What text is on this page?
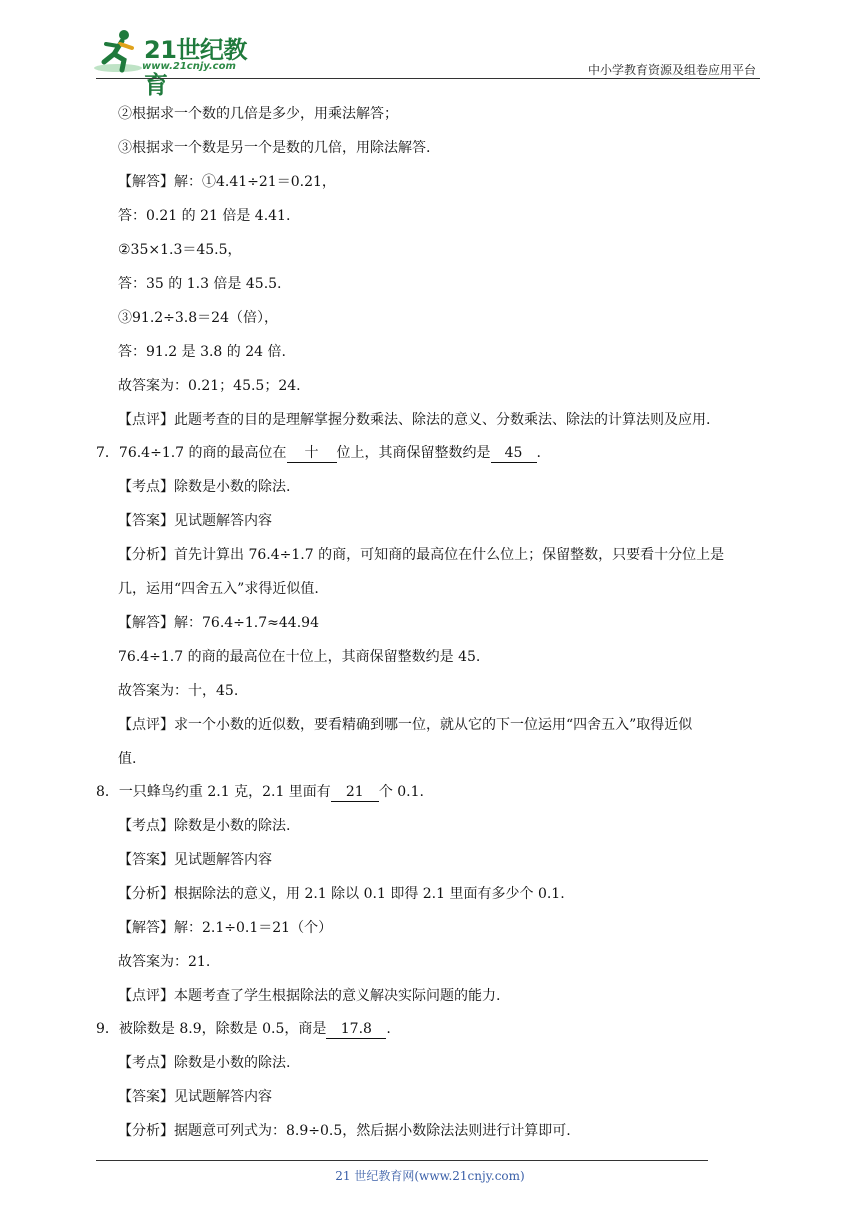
21世纪教育
www.21cnjy.com	中小学教育资源及组卷应用平台
②根据求一个数的几倍是多少，用乘法解答；
③根据求一个数是另一个是数的几倍，用除法解答.
【解答】解：①4.41÷21＝0.21，
答：0.21 的 21 倍是 4.41.
②35×1.3＝45.5，
答：35 的 1.3 倍是 45.5.
③91.2÷3.8＝24（倍），
答：91.2 是 3.8 的 24 倍.
故答案为：0.21；45.5；24.
【点评】此题考查的目的是理解掌握分数乘法、除法的意义、分数乘法、除法的计算法则及应用.
7．76.4÷1.7 的商的最高位在 十 位上，其商保留整数约是 45 .
【考点】除数是小数的除法.
【答案】见试题解答内容
【分析】首先计算出 76.4÷1.7 的商，可知商的最高位在什么位上；保留整数，只要看十分位上是
几，运用“四舍五入”求得近似值.
【解答】解：76.4÷1.7≈44.94
76.4÷1.7 的商的最高位在十位上，其商保留整数约是 45.
故答案为：十，45.
【点评】求一个小数的近似数，要看精确到哪一位，就从它的下一位运用“四舍五入”取得近似
值.
8．一只蜂鸟约重 2.1 克，2.1 里面有 21 个 0.1.
【考点】除数是小数的除法.
【答案】见试题解答内容
【分析】根据除法的意义，用 2.1 除以 0.1 即得 2.1 里面有多少个 0.1.
【解答】解：2.1÷0.1＝21（个）
故答案为：21.
【点评】本题考查了学生根据除法的意义解决实际问题的能力.
9．被除数是 8.9，除数是 0.5，商是 17.8 .
【考点】除数是小数的除法.
【答案】见试题解答内容
【分析】据题意可列式为：8.9÷0.5，然后据小数除法法则进行计算即可.
21 世纪教育网(www.21cnjy.com)
